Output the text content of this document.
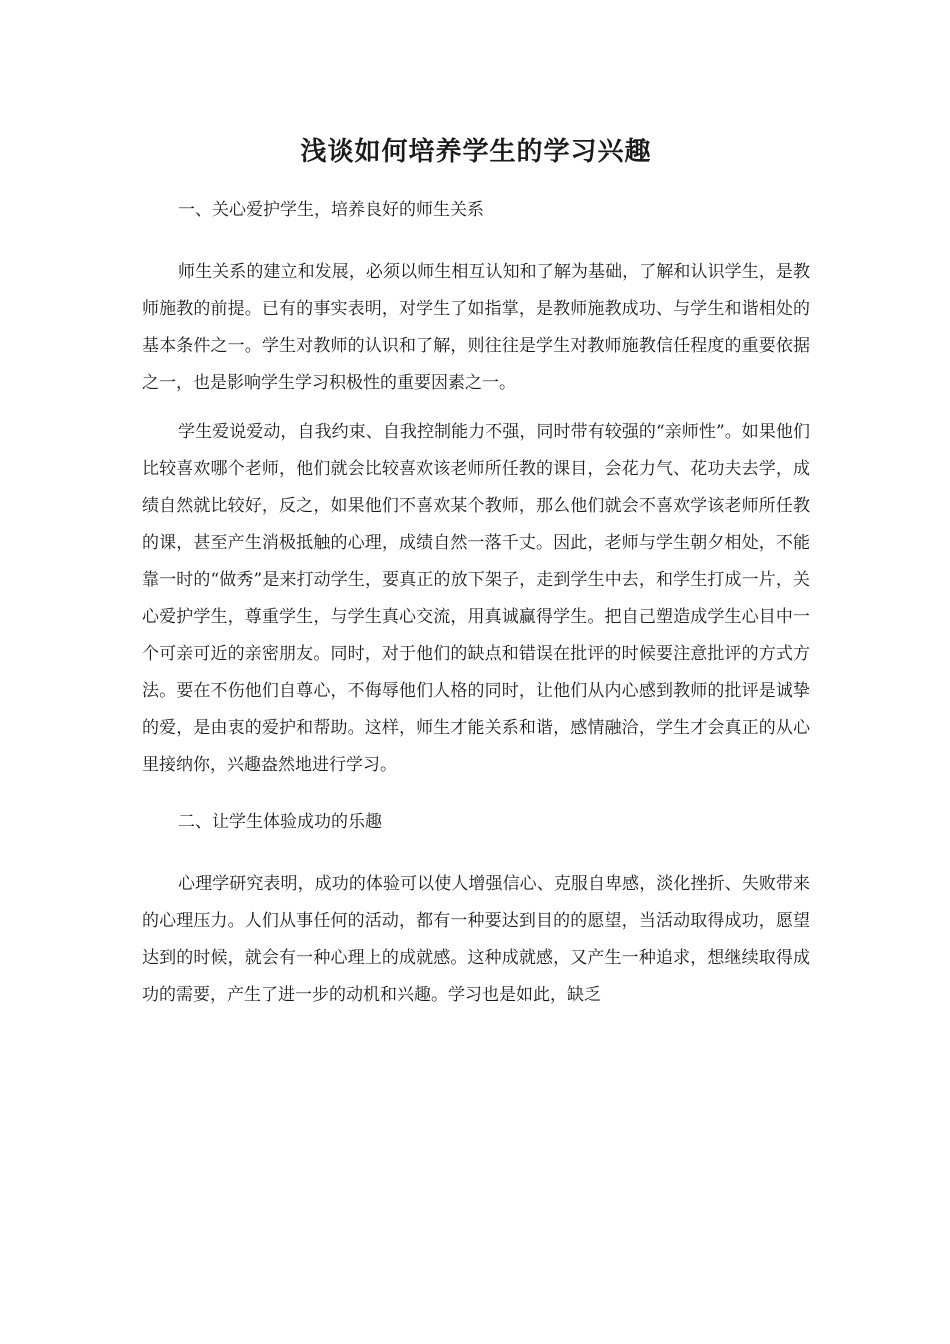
浅谈如何培养学生的学习兴趣

一、关心爱护学生，培养良好的师生关系

师生关系的建立和发展，必须以师生相互认知和了解为基础，了解和认识学生，是教师施教的前提。已有的事实表明，对学生了如指掌，是教师施教成功、与学生和谐相处的基本条件之一。学生对教师的认识和了解，则往往是学生对教师施教信任程度的重要依据之一，也是影响学生学习积极性的重要因素之一。

学生爱说爱动，自我约束、自我控制能力不强，同时带有较强的“亲师性”。如果他们比较喜欢哪个老师，他们就会比较喜欢该老师所任教的课目，会花力气、花功夫去学，成绩自然就比较好，反之，如果他们不喜欢某个教师，那么他们就会不喜欢学该老师所任教的课，甚至产生消极抵触的心理，成绩自然一落千丈。因此，老师与学生朝夕相处，不能靠一时的“做秀”是来打动学生，要真正的放下架子，走到学生中去，和学生打成一片，关心爱护学生，尊重学生，与学生真心交流，用真诚赢得学生。把自己塑造成学生心目中一个可亲可近的亲密朋友。同时，对于他们的缺点和错误在批评的时候要注意批评的方式方法。要在不伤他们自尊心，不侮辱他们人格的同时，让他们从内心感到教师的批评是诚挚的爱，是由衷的爱护和帮助。这样，师生才能关系和谐，感情融洽，学生才会真正的从心里接纳你，兴趣盎然地进行学习。

二、让学生体验成功的乐趣

心理学研究表明，成功的体验可以使人增强信心、克服自卑感，淡化挫折、失败带来的心理压力。人们从事任何的活动，都有一种要达到目的的愿望，当活动取得成功，愿望达到的时候，就会有一种心理上的成就感。这种成就感，又产生一种追求，想继续取得成功的需要，产生了进一步的动机和兴趣。学习也是如此，缺乏
